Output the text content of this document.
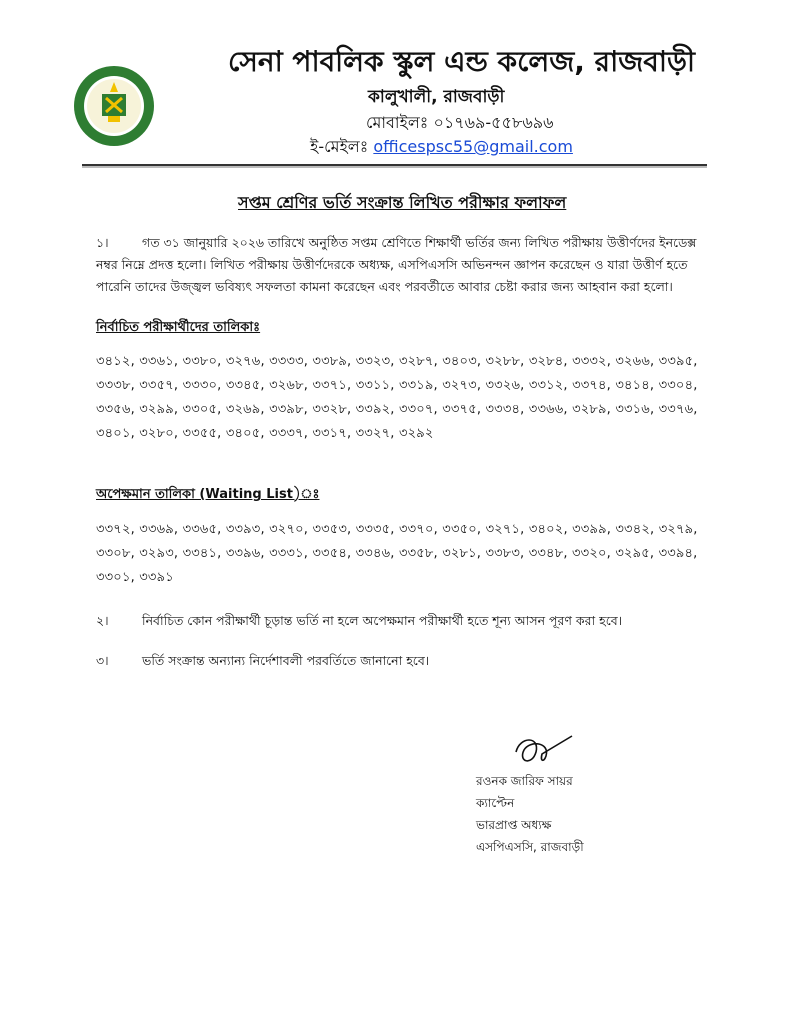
সেনা পাবলিক স্কুল এন্ড কলেজ, রাজবাড়ী
কালুখালী, রাজবাড়ী
মোবাইলঃ ০১৭৬৯-৫৫৮৬৯৬
ই-মেইলঃ officespsc55@gmail.com
সপ্তম শ্রেণির ভর্তি সংক্রান্ত লিখিত পরীক্ষার ফলাফল
১।	গত ৩১ জানুয়ারি ২০২৬ তারিখে অনুষ্ঠিত সপ্তম শ্রেণিতে শিক্ষার্থী ভর্তির জন্য লিখিত পরীক্ষায় উত্তীর্ণদের ইনডেক্স নম্বর নিম্নে প্রদত্ত হলো। লিখিত পরীক্ষায় উত্তীর্ণদেরকে অধ্যক্ষ, এসপিএসসি অভিনন্দন জ্ঞাপন করেছেন ও যারা উত্তীর্ণ হতে পারেনি তাদের উজ্জ্বল ভবিষ্যৎ সফলতা কামনা করেছেন এবং পরবর্তীতে আবার চেষ্টা করার জন্য আহবান করা হলো।
নির্বাচিত পরীক্ষার্থীদের তালিকাঃ
৩৪১২, ৩৩৬১, ৩৩৮০, ৩২৭৬, ৩৩৩৩, ৩৩৮৯, ৩৩২৩, ৩২৮৭, ৩৪০৩, ৩২৮৮, ৩২৮৪, ৩৩৩২, ৩২৬৬, ৩৩৯৫, ৩৩৩৮, ৩৩৫৭, ৩৩৩০, ৩৩৪৫, ৩২৬৮, ৩৩৭১, ৩৩১১, ৩৩১৯, ৩২৭৩, ৩৩২৬, ৩৩১২, ৩৩৭৪, ৩৪১৪, ৩৩০৪, ৩৩৫৬, ৩২৯৯, ৩৩০৫, ৩২৬৯, ৩৩৯৮, ৩৩২৮, ৩৩৯২, ৩৩০৭, ৩৩৭৫, ৩৩৩৪, ৩৩৬৬, ৩২৮৯, ৩৩১৬, ৩৩৭৬, ৩৪০১, ৩২৮০, ৩৩৫৫, ৩৪০৫, ৩৩৩৭, ৩৩১৭, ৩৩২৭, ৩২৯২
অপেক্ষমান তালিকা (Waiting List)ঃ
৩৩৭২, ৩৩৬৯, ৩৩৬৫, ৩৩৯৩, ৩২৭০, ৩৩৫৩, ৩৩৩৫, ৩৩৭০, ৩৩৫০, ৩২৭১, ৩৪০২, ৩৩৯৯, ৩৩৪২, ৩২৭৯, ৩৩০৮, ৩২৯৩, ৩৩৪১, ৩৩৯৬, ৩৩৩১, ৩৩৫৪, ৩৩৪৬, ৩৩৫৮, ৩২৮১, ৩৩৮৩, ৩৩৪৮, ৩৩২০, ৩২৯৫, ৩৩৯৪, ৩৩০১, ৩৩৯১
২।	নির্বাচিত কোন পরীক্ষার্থী চূড়ান্ত ভর্তি না হলে অপেক্ষমান পরীক্ষার্থী হতে শূন্য আসন পূরণ করা হবে।
৩।	ভর্তি সংক্রান্ত অন্যান্য নির্দেশাবলী পরবর্তিতে জানানো হবে।
রওনক জারিফ সায়র
ক্যাপ্টেন
ভারপ্রাপ্ত অধ্যক্ষ
এসপিএসসি, রাজবাড়ী
